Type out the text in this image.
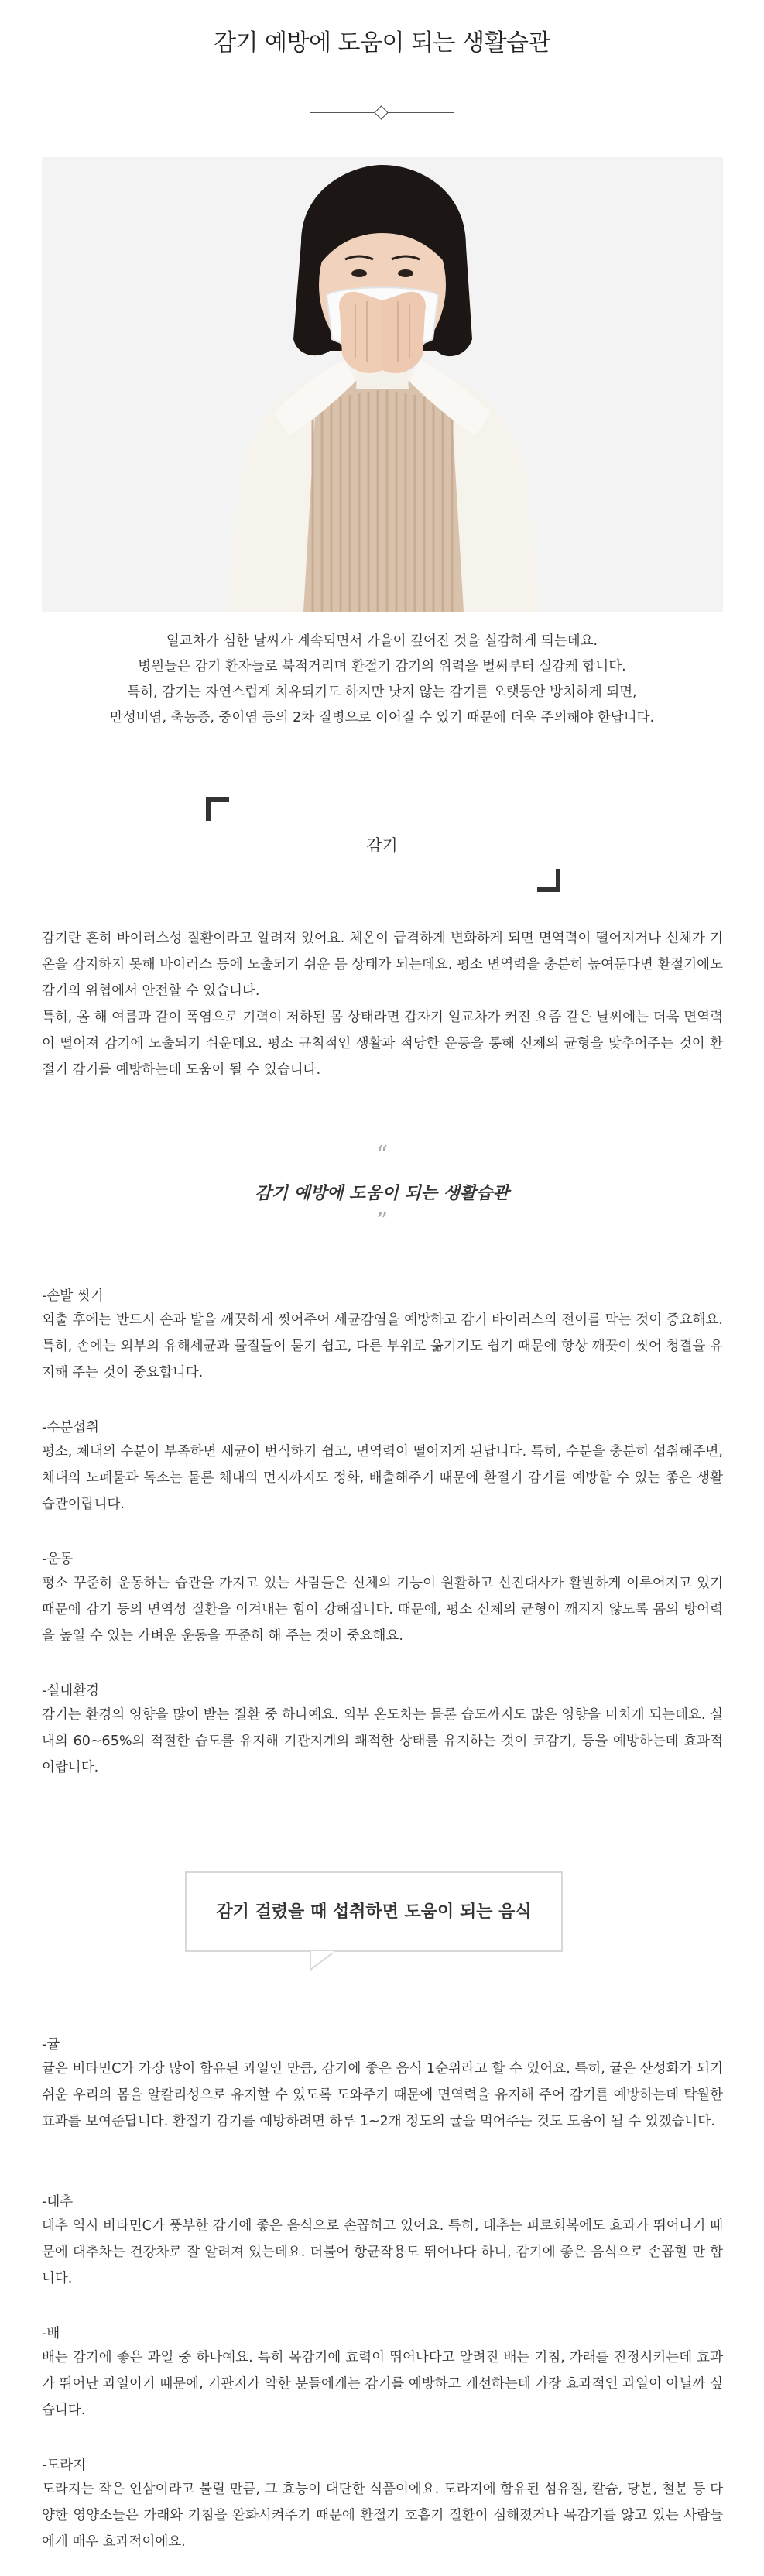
감기 예방에 도움이 되는 생활습관
일교차가 심한 날씨가 계속되면서 가을이 깊어진 것을 실감하게 되는데요.
병원들은 감기 환자들로 북적거리며 환절기 감기의 위력을 벌써부터 실감케 합니다.
특히, 감기는 자연스럽게 치유되기도 하지만 낫지 않는 감기를 오랫동안 방치하게 되면,
만성비염, 축농증, 중이염 등의 2차 질병으로 이어질 수 있기 때문에 더욱 주의해야 한답니다.
감기

감기란 흔히 바이러스성 질환이라고 알려져 있어요. 체온이 급격하게 변화하게 되면 면역력이 떨어지거나 신체가 기온을 감지하지 못해 바이러스 등에 노출되기 쉬운 몸 상태가 되는데요. 평소 면역력을 충분히 높여둔다면 환절기에도 감기의 위협에서 안전할 수 있습니다.

특히, 올 해 여름과 같이 폭염으로 기력이 저하된 몸 상태라면 갑자기 일교차가 커진 요즘 같은 날씨에는 더욱 면역력이 떨어져 감기에 노출되기 쉬운데요. 평소 규칙적인 생활과 적당한 운동을 통해 신체의 균형을 맞추어주는 것이 환절기 감기를 예방하는데 도움이 될 수 있습니다.

“
감기 예방에 도움이 되는 생활습관
”
-손발 씻기
외출 후에는 반드시 손과 발을 깨끗하게 씻어주어 세균감염을 예방하고 감기 바이러스의 전이를 막는 것이 중요해요. 특히, 손에는 외부의 유해세균과 물질들이 묻기 쉽고, 다른 부위로 옮기기도 쉽기 때문에 항상 깨끗이 씻어 청결을 유지해 주는 것이 중요합니다.
-수분섭취
평소, 체내의 수분이 부족하면 세균이 번식하기 쉽고, 면역력이 떨어지게 된답니다. 특히, 수분을 충분히 섭취해주면, 체내의 노폐물과 독소는 물론 체내의 먼지까지도 정화, 배출해주기 때문에 환절기 감기를 예방할 수 있는 좋은 생활습관이랍니다.
-운동
평소 꾸준히 운동하는 습관을 가지고 있는 사람들은 신체의 기능이 원활하고 신진대사가 활발하게 이루어지고 있기 때문에 감기 등의 면역성 질환을 이겨내는 힘이 강해집니다. 때문에, 평소 신체의 균형이 깨지지 않도록 몸의 방어력을 높일 수 있는 가벼운 운동을 꾸준히 해 주는 것이 중요해요.
-실내환경
감기는 환경의 영향을 많이 받는 질환 중 하나예요. 외부 온도차는 물론 습도까지도 많은 영향을 미치게 되는데요. 실내의 60~65%의 적절한 습도를 유지해 기관지계의 쾌적한 상태를 유지하는 것이 코감기, 등을 예방하는데 효과적이랍니다.
감기 걸렸을 때 섭취하면 도움이 되는 음식
-귤
귤은 비타민C가 가장 많이 함유된 과일인 만큼, 감기에 좋은 음식 1순위라고 할 수 있어요. 특히, 귤은 산성화가 되기 쉬운 우리의 몸을 알칼리성으로 유지할 수 있도록 도와주기 때문에 면역력을 유지해 주어 감기를 예방하는데 탁월한 효과를 보여준답니다. 환절기 감기를 예방하려면 하루 1~2개 정도의 귤을 먹어주는 것도 도움이 될 수 있겠습니다.
-대추
대추 역시 비타민C가 풍부한 감기에 좋은 음식으로 손꼽히고 있어요. 특히, 대추는 피로회복에도 효과가 뛰어나기 때문에 대추차는 건강차로 잘 알려져 있는데요. 더불어 항균작용도 뛰어나다 하니, 감기에 좋은 음식으로 손꼽힐 만 합니다.
-배
배는 감기에 좋은 과일 중 하나예요. 특히 목감기에 효력이 뛰어나다고 알려진 배는 기침, 가래를 진정시키는데 효과가 뛰어난 과일이기 때문에, 기관지가 약한 분들에게는 감기를 예방하고 개선하는데 가장 효과적인 과일이 아닐까 싶습니다.
-도라지
도라지는 작은 인삼이라고 불릴 만큼, 그 효능이 대단한 식품이에요. 도라지에 함유된 섬유질, 칼슘, 당분, 철분 등 다양한 영양소들은 가래와 기침을 완화시켜주기 때문에 환절기 호흡기 질환이 심해졌거나 목감기를 앓고 있는 사람들에게 매우 효과적이에요.
